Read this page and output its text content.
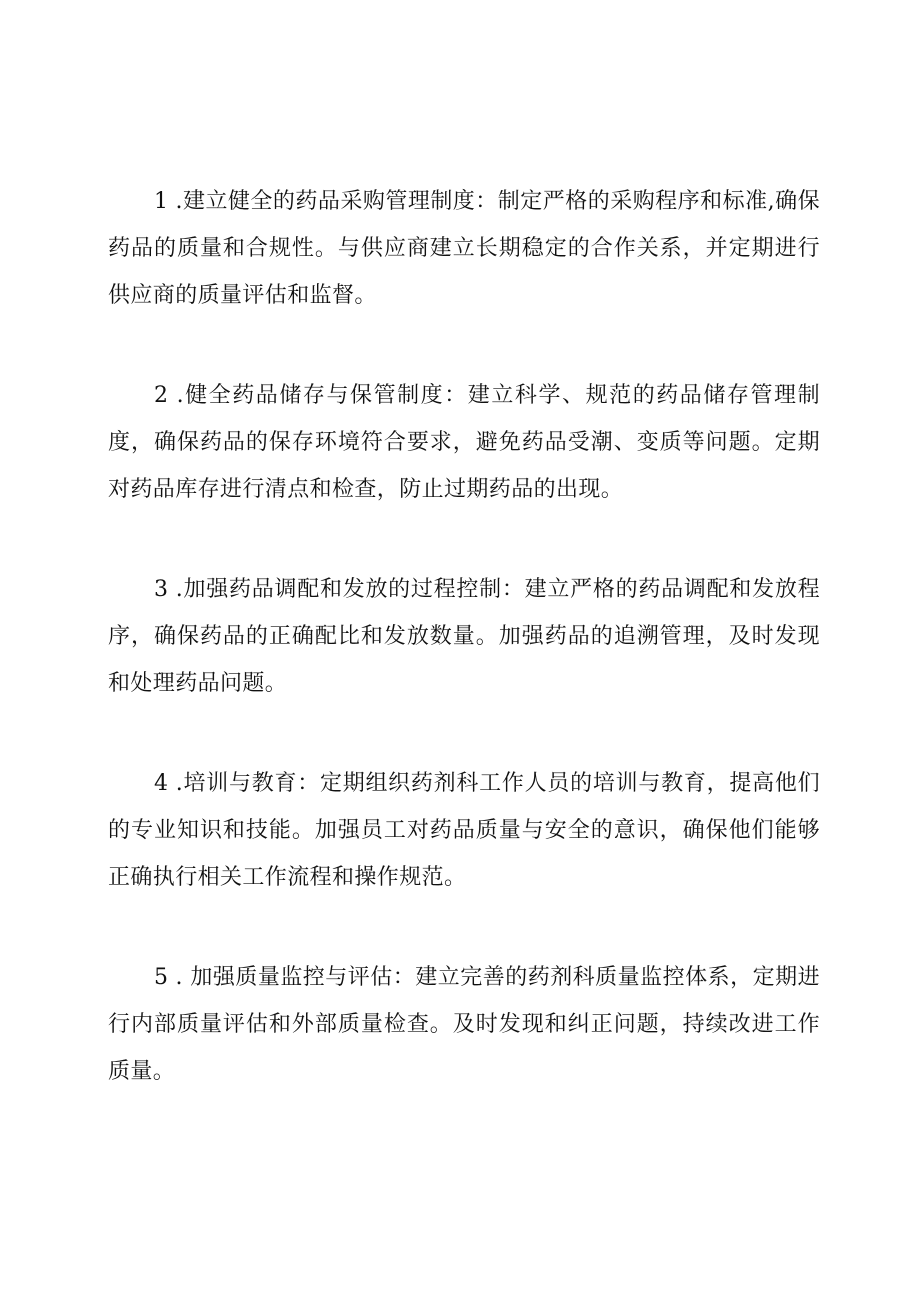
1 .建立健全的药品采购管理制度：制定严格的采购程序和标准,确保药品的质量和合规性。与供应商建立长期稳定的合作关系，并定期进行供应商的质量评估和监督。

2 .健全药品储存与保管制度：建立科学、规范的药品储存管理制度，确保药品的保存环境符合要求，避免药品受潮、变质等问题。定期对药品库存进行清点和检查，防止过期药品的出现。

3 .加强药品调配和发放的过程控制：建立严格的药品调配和发放程序，确保药品的正确配比和发放数量。加强药品的追溯管理，及时发现和处理药品问题。

4 .培训与教育：定期组织药剂科工作人员的培训与教育，提高他们的专业知识和技能。加强员工对药品质量与安全的意识，确保他们能够正确执行相关工作流程和操作规范。

5 . 加强质量监控与评估：建立完善的药剂科质量监控体系，定期进行内部质量评估和外部质量检查。及时发现和纠正问题，持续改进工作质量。
